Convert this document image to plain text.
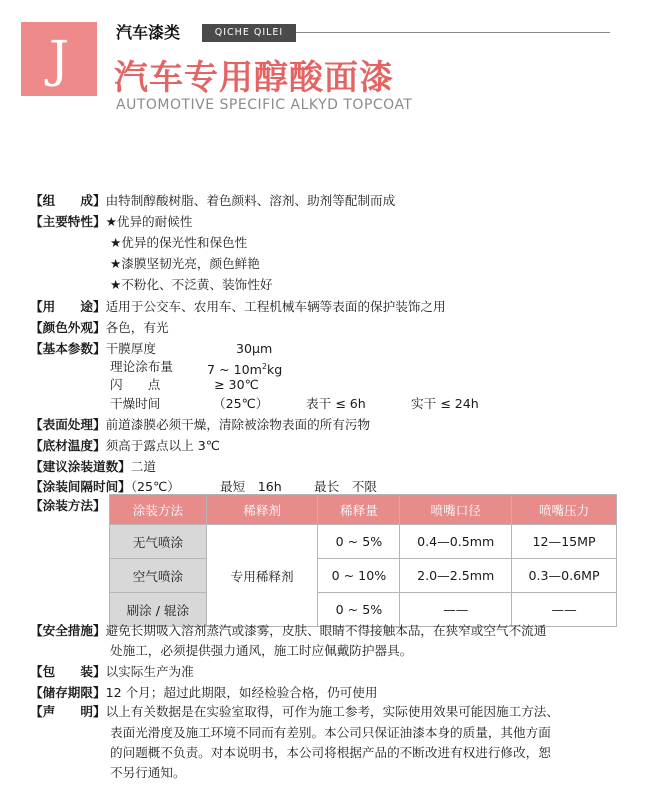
J	汽车漆类	QICHE QILEI
汽车专用醇酸面漆
AUTOMOTIVE SPECIFIC ALKYD TOPCOAT
【组　　成】由特制醇酸树脂、着色颜料、溶剂、助剂等配制而成
【主要特性】★优异的耐候性
★优异的保光性和保色性
★漆膜坚韧光亮，颜色鲜艳
★不粉化、不泛黄、装饰性好
【用　　途】适用于公交车、农用车、工程机械车辆等表面的保护装饰之用
【颜色外观】各色，有光
【基本参数】干膜厚度	30μm
理论涂布量	7 ~ $10m^2kg$
闪　　点	≥ 30℃
干燥时间	（25℃）	表干 ≤ 6h	实干 ≤ 24h
【表面处理】前道漆膜必须干燥，清除被涂物表面的所有污物
【底材温度】须高于露点以上 3℃
【建议涂装道数】二道
【涂装间隔时间】（25℃）	最短　16h	最长　不限
【涂装方法】 涂装方法	稀释剂	稀释量	喷嘴口径	喷嘴压力
无气喷涂	专用稀释剂	0 ~ 5%	0.4—0.5mm	12—15MP
空气喷涂		0 ~ 10%	2.0—2.5mm	0.3—0.6MP
刷涂 / 辊涂		0 ~ 5%	——	——
【安全措施】避免长期吸入溶剂蒸汽或漆雾，皮肤、眼睛不得接触本品，在狭窄或空气不流通
处施工，必须提供强力通风，施工时应佩戴防护器具。
【包　　装】以实际生产为准
【储存期限】12 个月；超过此期限，如经检验合格，仍可使用
【声　　明】以上有关数据是在实验室取得，可作为施工参考，实际使用效果可能因施工方法、
表面光滑度及施工环境不同而有差别。本公司只保证油漆本身的质量，其他方面
的问题概不负责。对本说明书，本公司将根据产品的不断改进有权进行修改，恕
不另行通知。
